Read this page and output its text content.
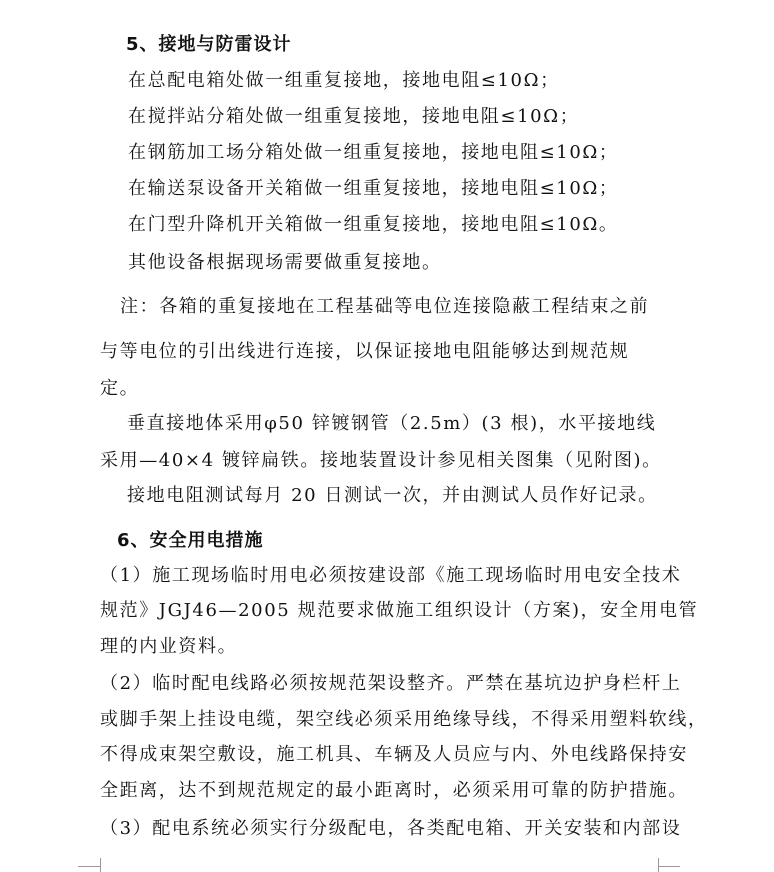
5、接地与防雷设计
在总配电箱处做一组重复接地，接地电阻≤10Ω；
在搅拌站分箱处做一组重复接地，接地电阻≤10Ω；
在钢筋加工场分箱处做一组重复接地，接地电阻≤10Ω；
在输送泵设备开关箱做一组重复接地，接地电阻≤10Ω；
在门型升降机开关箱做一组重复接地，接地电阻≤10Ω。
其他设备根据现场需要做重复接地。
注：各箱的重复接地在工程基础等电位连接隐蔽工程结束之前
与等电位的引出线进行连接，以保证接地电阻能够达到规范规
定。
垂直接地体采用φ50 锌镀钢管（2.5m）(3 根)，水平接地线
采用—40×4 镀锌扁铁。接地装置设计参见相关图集（见附图)。
接地电阻测试每月 20 日测试一次，并由测试人员作好记录。
6、安全用电措施
（1）施工现场临时用电必须按建设部《施工现场临时用电安全技术
规范》JGJ46—2005 规范要求做施工组织设计（方案)，安全用电管
理的内业资料。
（2）临时配电线路必须按规范架设整齐。严禁在基坑边护身栏杆上
或脚手架上挂设电缆，架空线必须采用绝缘导线，不得采用塑料软线，
不得成束架空敷设，施工机具、车辆及人员应与内、外电线路保持安
全距离，达不到规范规定的最小距离时，必须采用可靠的防护措施。
（3）配电系统必须实行分级配电，各类配电箱、开关安装和内部设
